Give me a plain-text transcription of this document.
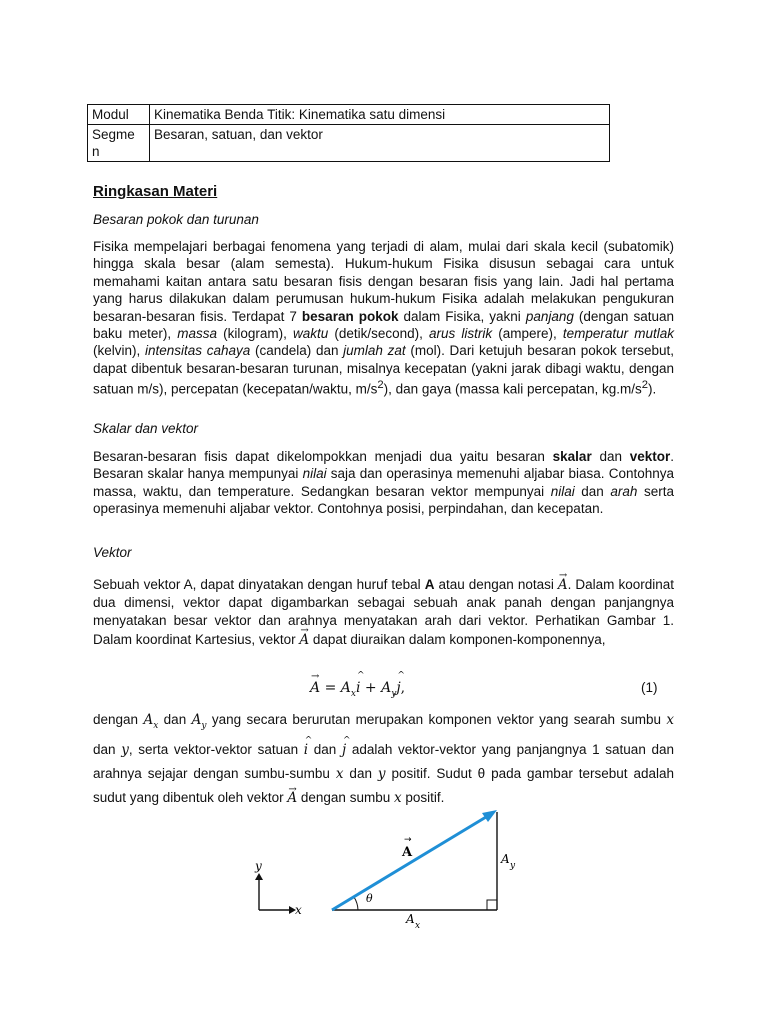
Modul	Kinematika Benda Titik: Kinematika satu dimensi
Segme n	Besaran, satuan, dan vektor
Ringkasan Materi
Besaran pokok dan turunan

Fisika mempelajari berbagai fenomena yang terjadi di alam, mulai dari skala kecil (subatomik) hingga skala besar (alam semesta). Hukum-hukum Fisika disusun sebagai cara untuk memahami kaitan antara satu besaran fisis dengan besaran fisis yang lain. Jadi hal pertama yang harus dilakukan dalam perumusan hukum-hukum Fisika adalah melakukan pengukuran besaran-besaran fisis. Terdapat 7 besaran pokok dalam Fisika, yakni panjang (dengan satuan baku meter), massa (kilogram), waktu (detik/second), arus listrik (ampere), temperatur mutlak (kelvin), intensitas cahaya (candela) dan jumlah zat (mol). Dari ketujuh besaran pokok tersebut, dapat dibentuk besaran-besaran turunan, misalnya kecepatan (yakni jarak dibagi waktu, dengan satuan m/s), percepatan (kecepatan/waktu, $m/s^2$), dan gaya (massa kali percepatan, $kg.m/s^2$).

Skalar dan vektor

Besaran-besaran fisis dapat dikelompokkan menjadi dua yaitu besaran skalar dan vektor. Besaran skalar hanya mempunyai nilai saja dan operasinya memenuhi aljabar biasa. Contohnya massa, waktu, dan temperature. Sedangkan besaran vektor mempunyai nilai dan arah serta operasinya memenuhi aljabar vektor. Contohnya posisi, perpindahan, dan kecepatan.

Vektor

Sebuah vektor A, dapat dinyatakan dengan huruf tebal A atau dengan notasi → A. Dalam koordinat dua dimensi, vektor dapat digambarkan sebagai sebuah anak panah dengan panjangnya menyatakan besar vektor dan arahnya menyatakan arah dari vektor. Perhatikan Gambar 1. Dalam koordinat Kartesius, vektor → A dapat diuraikan dalam komponen-komponennya,

→ $A = A_x\^{}$ $i + A_y\^{}$ j,	(1)

dengan $A_x$ dan $A_y$ yang secara berurutan merupakan komponen vektor yang searah sumbu x dan y, serta vektor-vektor satuan ^ i dan ^ j adalah vektor-vektor yang panjangnya 1 satuan dan arahnya sejajar dengan sumbu-sumbu x dan y positif. Sudut θ pada gambar tersebut adalah sudut yang dibentuk oleh vektor → A dengan sumbu x positif.

y
x
A
→
θ
A y
A x
